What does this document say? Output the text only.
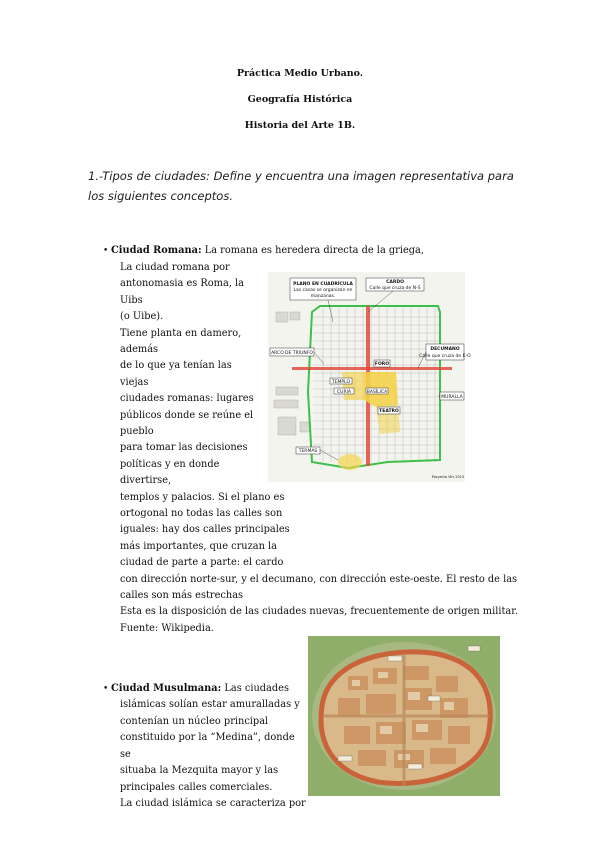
Práctica Medio Urbano.
Geografía Histórica
Historia del Arte 1B.
1.-Tipos de ciudades: Define y encuentra una imagen representativa para
los siguientes conceptos.
• Ciudad Romana: La romana es heredera directa de la griega,
La ciudad romana por
antonomasia es Roma, la
Uibs
(o Uibe).
Tiene planta en damero,
además
de lo que ya tenían las
viejas
ciudades romanas: lugares
públicos donde se reúne el
pueblo
para tomar las decisiones
políticas y en donde
divertirse,
templos y palacios. Si el plano es
ortogonal no todas las calles son
iguales: hay dos calles principales
más importantes, que cruzan la
ciudad de parte a parte: el cardo
con dirección norte-sur, y el decumano, con dirección este-oeste. El resto de las
calles son más estrechas
Esta es la disposición de las ciudades nuevas, frecuentemente de origen militar.
Fuente: Wikipedia.
PLANO EN CUADRÍCULA
Las casas se organizan en
manzanas.
CARDO
Calle que cruza de N-S
ARCO DE TRIUNFO
FORO
DECUMANO
Calle que cruza de E-O
MURALLA
TEMPLO
CURIA	BASÍLICA
TEATRO
TERMAS
Proyecto Vitr 2013
• Ciudad Musulmana: Las ciudades
islámicas solían estar amuralladas y
contenían un núcleo principal
constituido por la “Medina”, donde
se
situaba la Mezquita mayor y las
principales calles comerciales.
La ciudad islámica se caracteriza por
